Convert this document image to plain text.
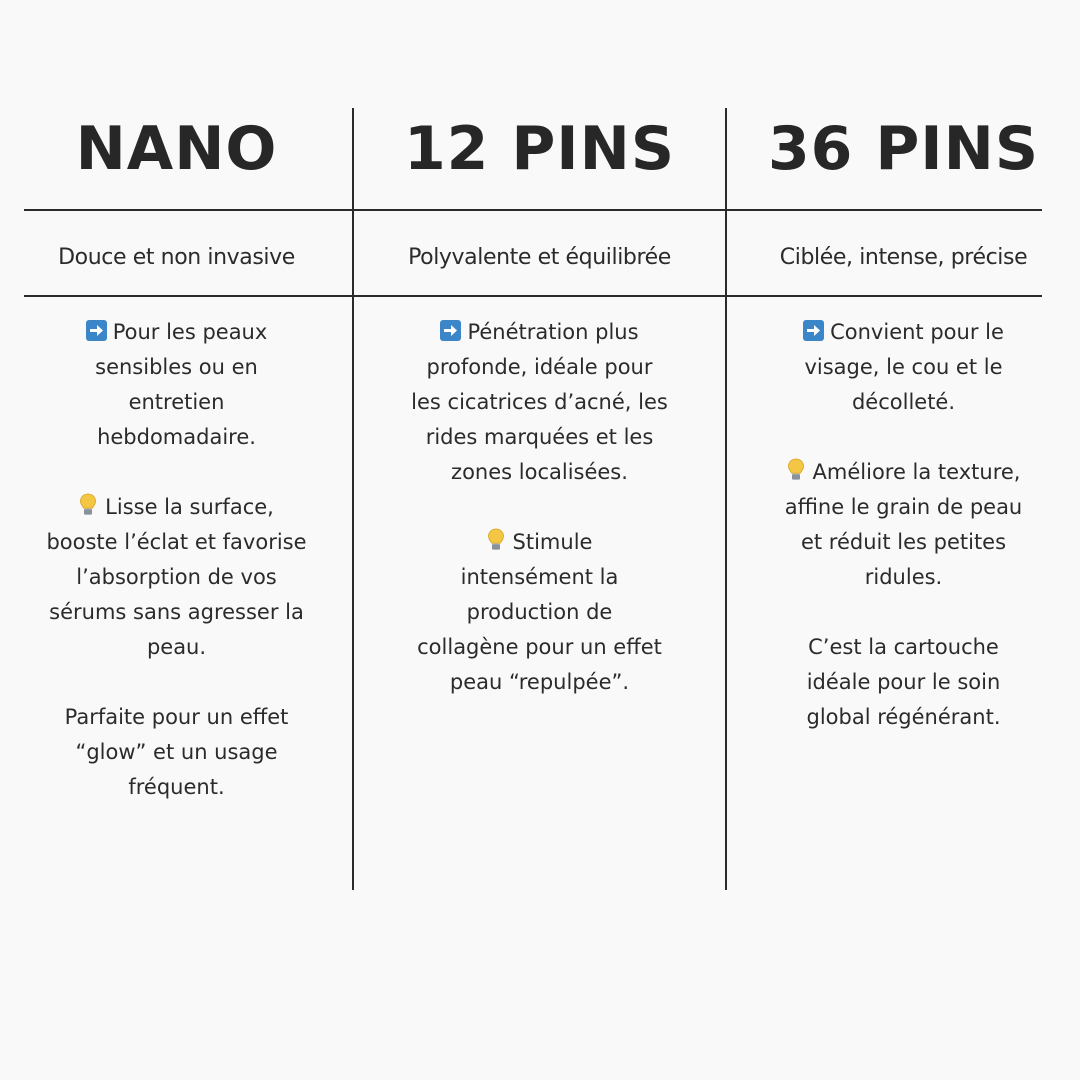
NANO
Douce et non invasive
Pour les peaux
sensibles ou en
entretien
hebdomadaire.
Lisse la surface,
booste l’éclat et favorise
l’absorption de vos
sérums sans agresser la
peau.
Parfaite pour un effet
“glow” et un usage
fréquent.
12 PINS
Polyvalente et équilibrée
Pénétration plus
profonde, idéale pour
les cicatrices d’acné, les
rides marquées et les
zones localisées.
Stimule
intensément la
production de
collagène pour un effet
peau “repulpée”.
36 PINS
Ciblée, intense, précise
Convient pour le
visage, le cou et le
décolleté.
Améliore la texture,
affine le grain de peau
et réduit les petites
ridules.
C’est la cartouche
idéale pour le soin
global régénérant.
